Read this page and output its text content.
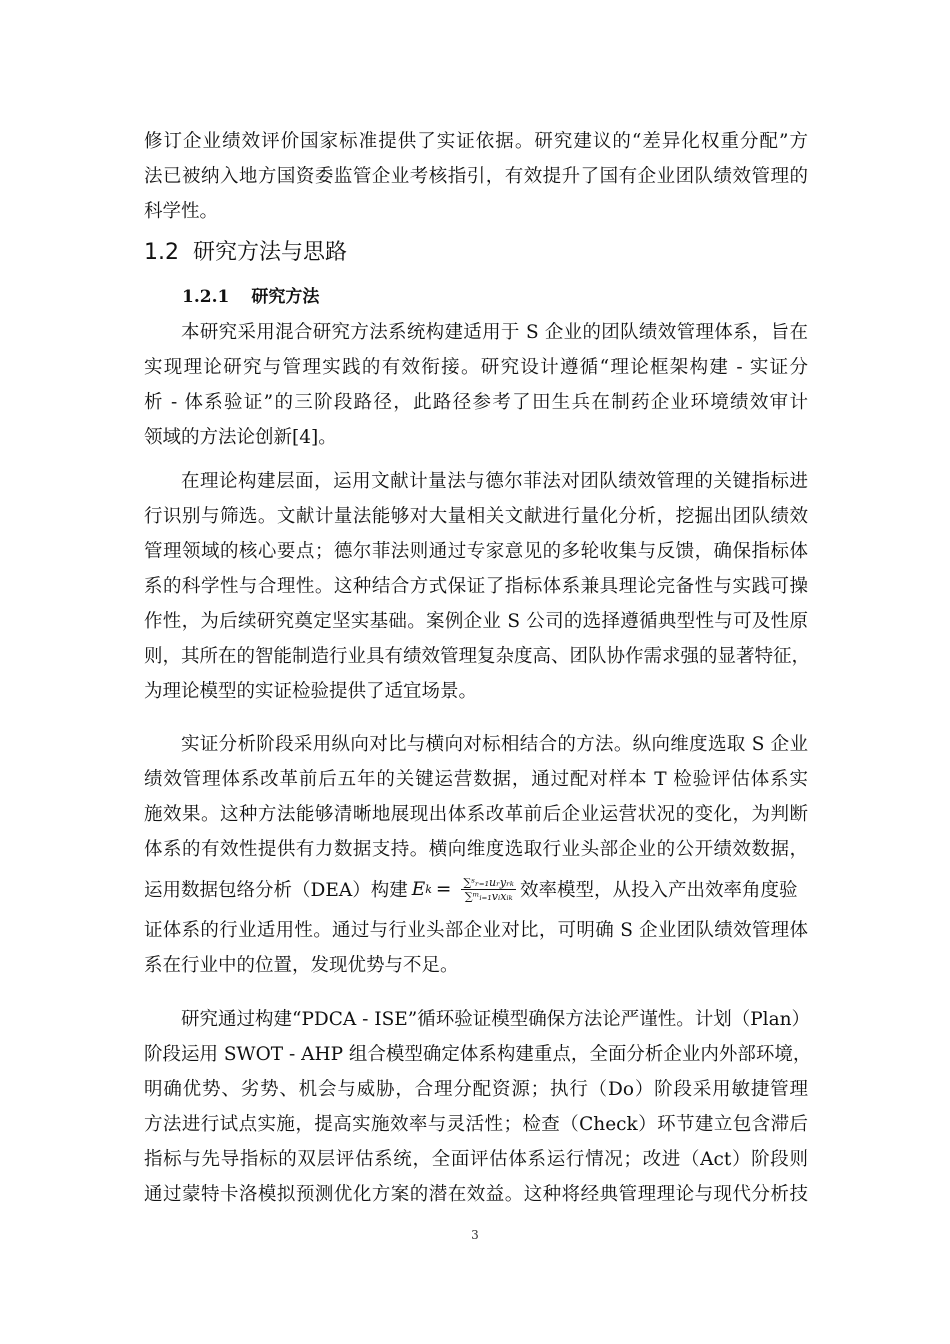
修订企业绩效评价国家标准提供了实证依据。研究建议的“差异化权重分配”方
法已被纳入地方国资委监管企业考核指引，有效提升了国有企业团队绩效管理的
科学性。
1.2 研究方法与思路
1.2.1 研究方法
本研究采用混合研究方法系统构建适用于 S 企业的团队绩效管理体系，旨在
实现理论研究与管理实践的有效衔接。研究设计遵循“理论框架构建 - 实证分
析 - 体系验证”的三阶段路径，此路径参考了田生兵在制药企业环境绩效审计
领域的方法论创新[4]。
在理论构建层面，运用文献计量法与德尔菲法对团队绩效管理的关键指标进
行识别与筛选。文献计量法能够对大量相关文献进行量化分析，挖掘出团队绩效
管理领域的核心要点；德尔菲法则通过专家意见的多轮收集与反馈，确保指标体
系的科学性与合理性。这种结合方式保证了指标体系兼具理论完备性与实践可操
作性，为后续研究奠定坚实基础。案例企业 S 公司的选择遵循典型性与可及性原
则，其所在的智能制造行业具有绩效管理复杂度高、团队协作需求强的显著特征，
为理论模型的实证检验提供了适宜场景。
实证分析阶段采用纵向对比与横向对标相结合的方法。纵向维度选取 S 企业
绩效管理体系改革前后五年的关键运营数据，通过配对样本 T 检验评估体系实
施效果。这种方法能够清晰地展现出体系改革前后企业运营状况的变化，为判断
体系的有效性提供有力数据支持。横向维度选取行业头部企业的公开绩效数据，
运用数据包络分析（DEA）构建 E $k = \frac{\text{∑ˢᵣ₌₁uᵣyᵣₖ}}{\text{∑ᵐᵢ₌₁vᵢxᵢₖ}}$ 效率模型，从投入产出效率角度验
证体系的行业适用性。通过与行业头部企业对比，可明确 S 企业团队绩效管理体
系在行业中的位置，发现优势与不足。
研究通过构建“PDCA - ISE”循环验证模型确保方法论严谨性。计划（Plan）
阶段运用 SWOT - AHP 组合模型确定体系构建重点，全面分析企业内外部环境，
明确优势、劣势、机会与威胁，合理分配资源；执行（Do）阶段采用敏捷管理
方法进行试点实施，提高实施效率与灵活性；检查（Check）环节建立包含滞后
指标与先导指标的双层评估系统，全面评估体系运行情况；改进（Act）阶段则
通过蒙特卡洛模拟预测优化方案的潜在效益。这种将经典管理理论与现代分析技
3
